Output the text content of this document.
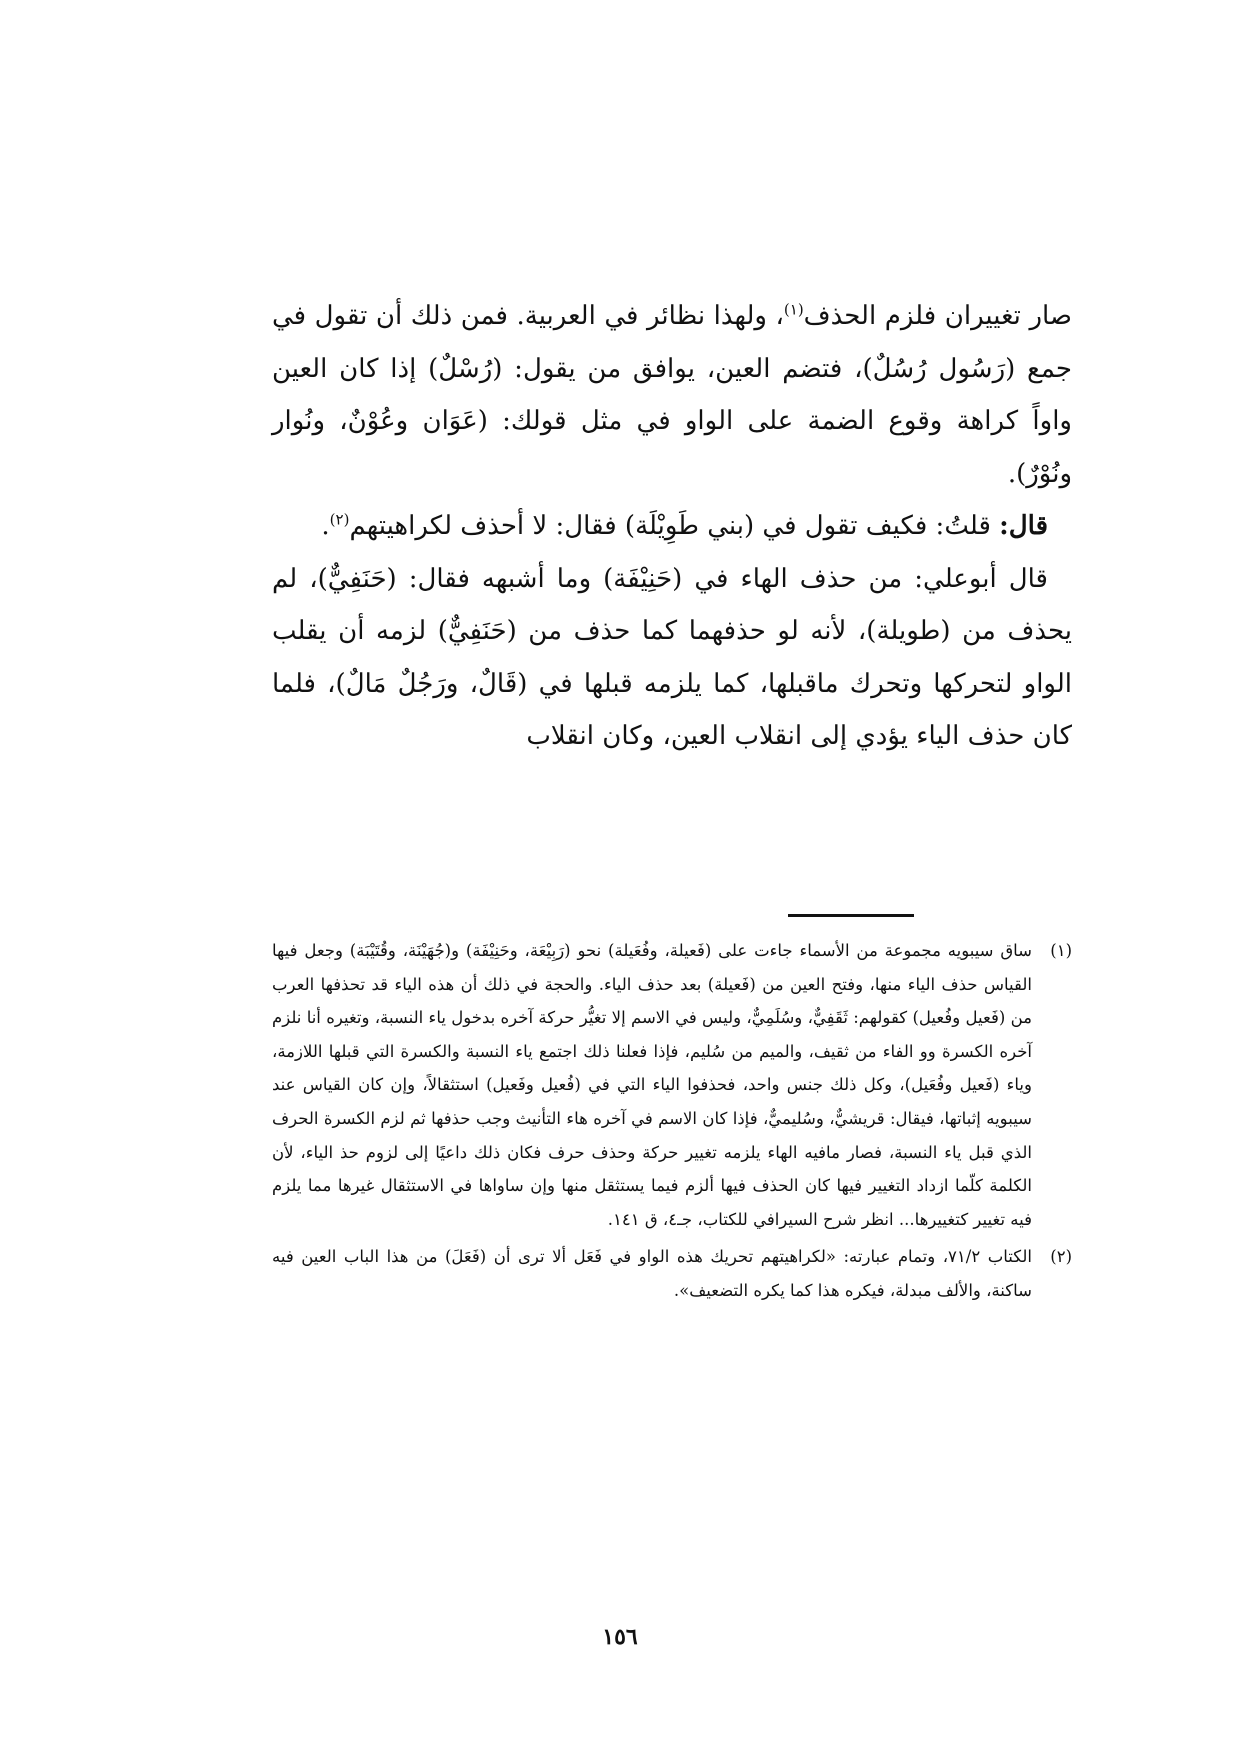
صار تغييران فلزم الحذف$^{(١)}$، ولهذا نظائر في العربية. فمن ذلك أن تقول في جمع (رَسُول رُسُلٌ)، فتضم العين، يوافق من يقول: (رُسْلٌ) إذا كان العين واواً كراهة وقوع الضمة على الواو في مثل قولك: (عَوَان وعُوْنٌ، ونُوار ونُوْرٌ).

قال: قلتُ: فكيف تقول في (بني طَوِيْلَة) فقال: لا أحذف لكراهيتهم$^{(٢)}$.

قال أبوعلي: من حذف الهاء في (حَنِيْفَة) وما أشبهه فقال: (حَنَفِيٌّ)، لم يحذف من (طويلة)، لأنه لو حذفهما كما حذف من (حَنَفِيٌّ) لزمه أن يقلب الواو لتحركها وتحرك ماقبلها، كما يلزمه قبلها في (قَالٌ، ورَجُلٌ مَالٌ)، فلما كان حذف الياء يؤدي إلى انقلاب العين، وكان انقلاب

(١)
ساق سيبويه مجموعة من الأسماء جاءت على (فَعيلة، وفُعَيلة) نحو (رَبِيْعَة، وحَنِيْفَة) و(جُهَيْنَة، وقُتَيْبَة) وجعل فيها القياس حذف الياء منها، وفتح العين من (فَعيلة) بعد حذف الياء. والحجة في ذلك أن هذه الياء قد تحذفها العرب من (فَعيل وفُعيل) كقولهم: ثَقَفِيٌّ، وسُلَمِيٌّ، وليس في الاسم إلا تغيُّر حركة آخره بدخول ياء النسبة، وتغيره أنا نلزم آخره الكسرة وو الفاء من ثقيف، والميم من سُليم، فإذا فعلنا ذلك اجتمع ياء النسبة والكسرة التي قبلها اللازمة، وياء (فَعيل وفُعَيل)، وكل ذلك جنس واحد، فحذفوا الياء التي في (فُعيل وفَعيل) استثقالاً، وإن كان القياس عند سيبويه إثباتها، فيقال: قريشيٌّ، وسُليميٌّ، فإذا كان الاسم في آخره هاء التأنيث وجب حذفها ثم لزم الكسرة الحرف الذي قبل ياء النسبة، فصار مافيه الهاء يلزمه تغيير حركة وحذف حرف فكان ذلك داعيًا إلى لزوم حذ الياء، لأن الكلمة كلّما ازداد التغيير فيها كان الحذف فيها ألزم فيما يستثقل منها وإن ساواها في الاستثقال غيرها مما يلزم فيه تغيير كتغييرها... انظر شرح السيرافي للكتاب، جـ٤، ق ١٤١.
(٢)
الكتاب ٧١/٢، وتمام عبارته: «لكراهيتهم تحريك هذه الواو في فَعَل ألا ترى أن (فَعَلَ) من هذا الباب العين فيه ساكنة، والألف مبدلة، فيكره هذا كما يكره التضعيف».
١٥٦
